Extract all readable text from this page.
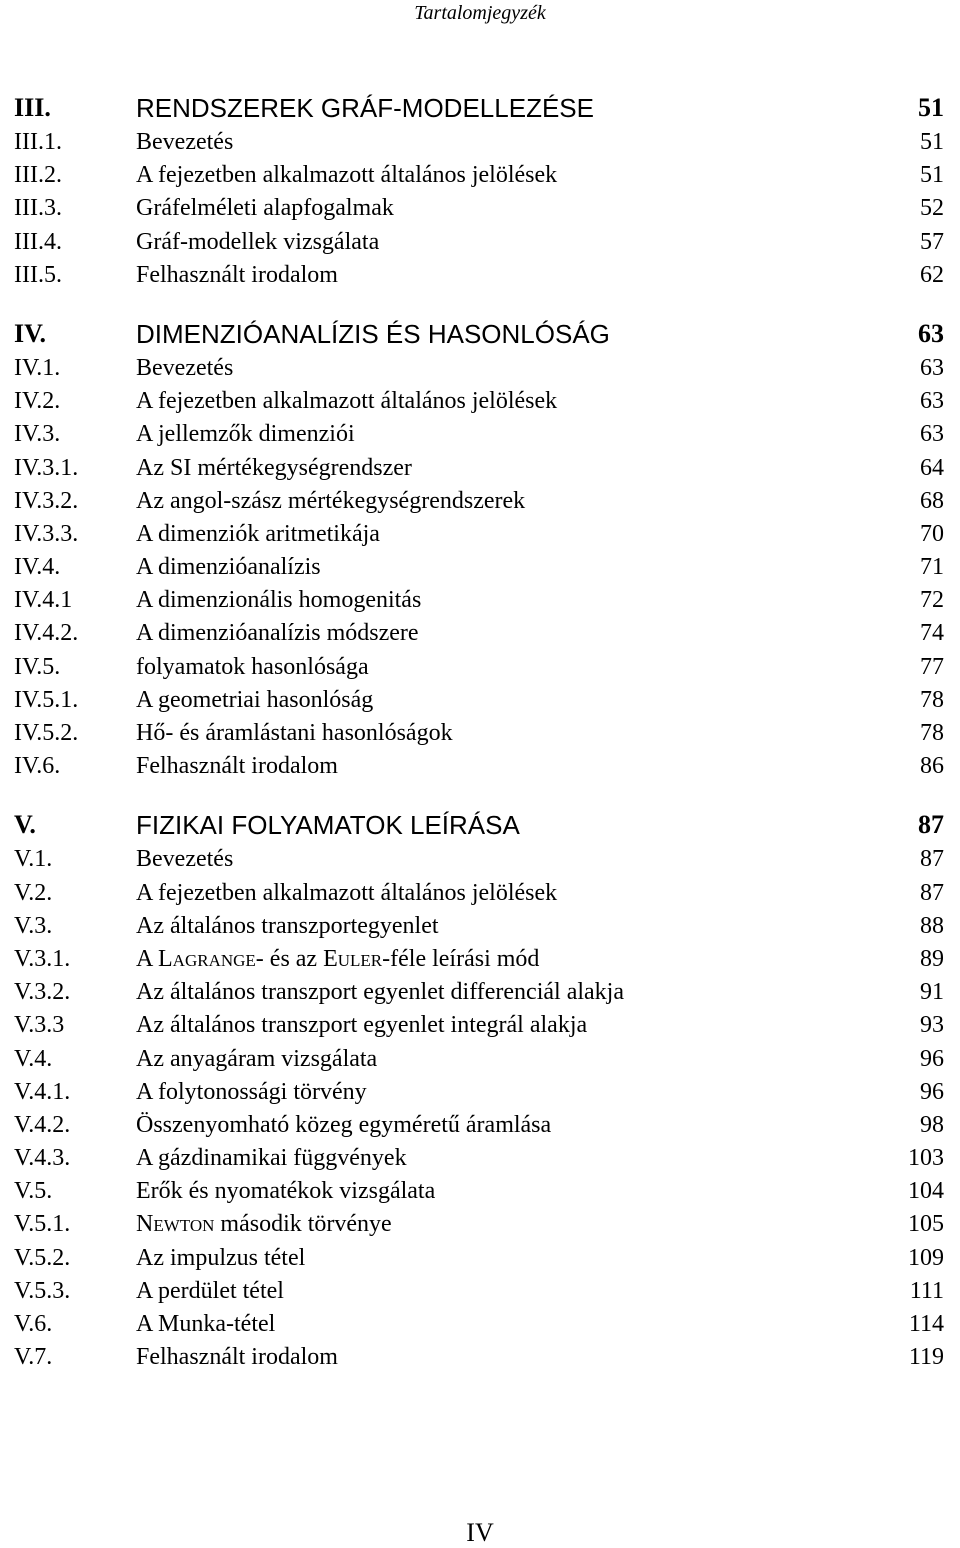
Tartalomjegyzék
III.	RENDSZEREK GRÁF-MODELLEZÉSE	51
III.1.	Bevezetés	51
III.2.	A fejezetben alkalmazott általános jelölések	51
III.3.	Gráfelméleti alapfogalmak	52
III.4.	Gráf-modellek vizsgálata	57
III.5.	Felhasznált irodalom	62
IV.	DIMENZIÓANALÍZIS ÉS HASONLÓSÁG	63
IV.1.	Bevezetés	63
IV.2.	A fejezetben alkalmazott általános jelölések	63
IV.3.	A jellemzők dimenziói	63
IV.3.1. Az SI mértékegységrendszer	64
IV.3.2. Az angol-szász mértékegységrendszerek	68
IV.3.3. A dimenziók aritmetikája	70
IV.4.	A dimenzióanalízis	71
IV.4.1	A dimenzionális homogenitás	72
IV.4.2. A dimenzióanalízis módszere	74
IV.5.	folyamatok hasonlósága	77
IV.5.1. A geometriai hasonlóság	78
IV.5.2. Hő- és áramlástani hasonlóságok	78
IV.6.	Felhasznált irodalom	86
V.	FIZIKAI FOLYAMATOK LEÍRÁSA	87
V.1.	Bevezetés	87
V.2.	A fejezetben alkalmazott általános jelölések	87
V.3.	Az általános transzportegyenlet	88
V.3.1.	A Lagrange- és az Euler-féle leírási mód	89
V.3.2.	Az általános transzport egyenlet differenciál alakja	91
V.3.3	Az általános transzport egyenlet integrál alakja	93
V.4.	Az anyagáram vizsgálata	96
V.4.1.	A folytonossági törvény	96
V.4.2.	Összenyomható közeg egyméretű áramlása	98
V.4.3.	A gázdinamikai függvények	103
V.5.	Erők és nyomatékok vizsgálata	104
V.5.1.	Newton második törvénye	105
V.5.2.	Az impulzus tétel	109
V.5.3.	A perdület tétel	111
V.6.	A Munka-tétel	114
V.7.	Felhasznált irodalom	119
IV
